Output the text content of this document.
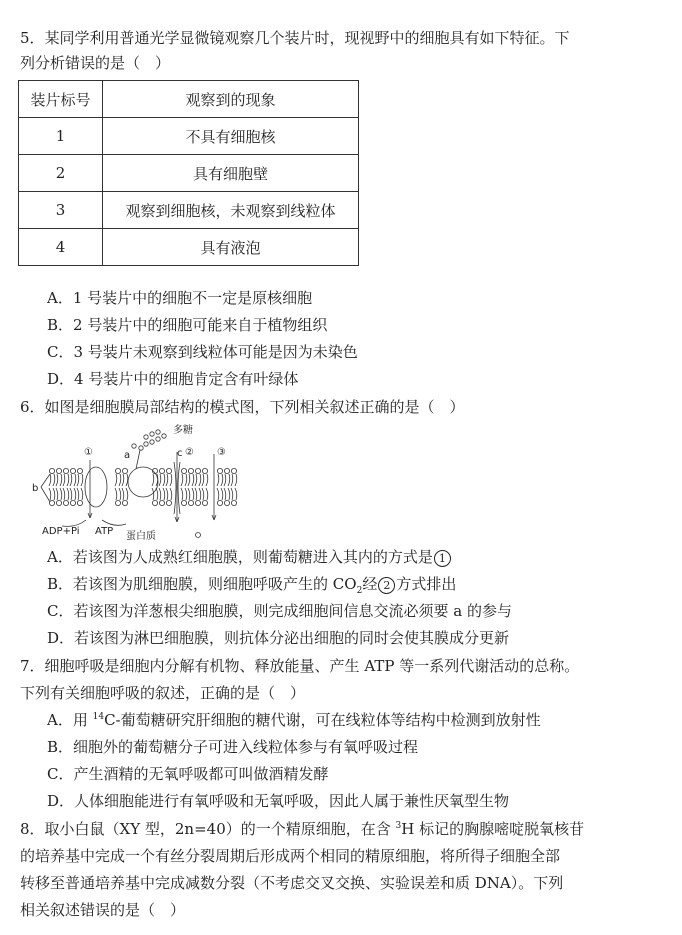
5．某同学利用普通光学显微镜观察几个装片时，现视野中的细胞具有如下特征。下
列分析错误的是（　）
装片标号	观察到的现象
1	不具有细胞核
2	具有细胞壁
3	观察到细胞核，未观察到线粒体
4	具有液泡
A．1 号装片中的细胞不一定是原核细胞
B．2 号装片中的细胞可能来自于植物组织
C．3 号装片未观察到线粒体可能是因为未染色
D．4 号装片中的细胞肯定含有叶绿体
6．如图是细胞膜局部结构的模式图，下列相关叙述正确的是（　）
多糖
a
b
c
①	② ③
ADP+Pi ATP 蛋白质
A．若该图为人成熟红细胞膜，则葡萄糖进入其内的方式是 1
B．若该图为肌细胞膜，则细胞呼吸产生的 $CO_2$经 2 方式排出
C．若该图为洋葱根尖细胞膜，则完成细胞间信息交流必须要 a 的参与
D．若该图为淋巴细胞膜，则抗体分泌出细胞的同时会使其膜成分更新
7．细胞呼吸是细胞内分解有机物、释放能量、产生 ATP 等一系列代谢活动的总称。
下列有关细胞呼吸的叙述，正确的是（　）
A．用 $^{14}$C-葡萄糖研究肝细胞的糖代谢，可在线粒体等结构中检测到放射性
B．细胞外的葡萄糖分子可进入线粒体参与有氧呼吸过程
C．产生酒精的无氧呼吸都可叫做酒精发酵
D．人体细胞能进行有氧呼吸和无氧呼吸，因此人属于兼性厌氧型生物
8．取小白鼠（XY 型，2n=40）的一个精原细胞，在含 $^3$H 标记的胸腺嘧啶脱氧核苷
的培养基中完成一个有丝分裂周期后形成两个相同的精原细胞，将所得子细胞全部
转移至普通培养基中完成减数分裂（不考虑交叉交换、实验误差和质 DNA）。下列
相关叙述错误的是（　）
